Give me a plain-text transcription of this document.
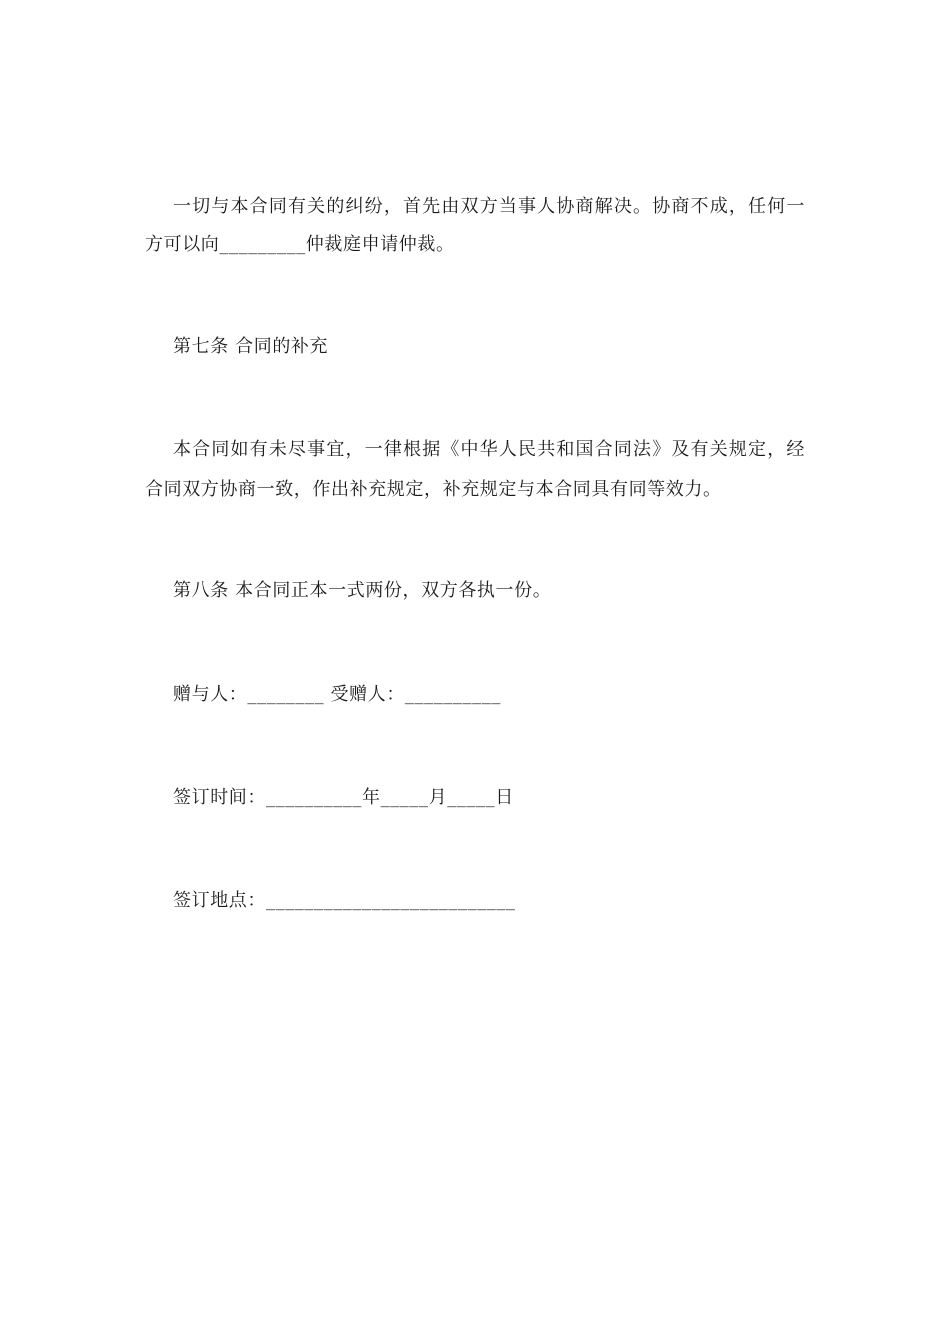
一切与本合同有关的纠纷，首先由双方当事人协商解决。协商不成，任何一
方可以向_________仲裁庭申请仲裁。
第七条 合同的补充
本合同如有未尽事宜，一律根据《中华人民共和国合同法》及有关规定，经
合同双方协商一致，作出补充规定，补充规定与本合同具有同等效力。
第八条 本合同正本一式两份，双方各执一份。
赠与人：________ 受赠人：__________
签订时间：__________年_____月_____日
签订地点：__________________________
